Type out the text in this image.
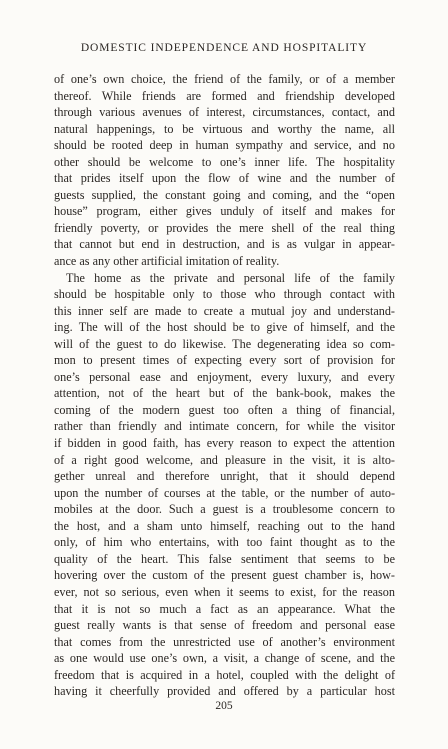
DOMESTIC INDEPENDENCE AND HOSPITALITY
of one’s own choice, the friend of the family, or of a member
thereof. While friends are formed and friendship developed
through various avenues of interest, circumstances, contact, and
natural happenings, to be virtuous and worthy the name, all
should be rooted deep in human sympathy and service, and no
other should be welcome to one’s inner life. The hospitality
that prides itself upon the flow of wine and the number of
guests supplied, the constant going and coming, and the “open
house” program, either gives unduly of itself and makes for
friendly poverty, or provides the mere shell of the real thing
that cannot but end in destruction, and is as vulgar in appear-
ance as any other artificial imitation of reality.
The home as the private and personal life of the family
should be hospitable only to those who through contact with
this inner self are made to create a mutual joy and understand-
ing. The will of the host should be to give of himself, and the
will of the guest to do likewise. The degenerating idea so com-
mon to present times of expecting every sort of provision for
one’s personal ease and enjoyment, every luxury, and every
attention, not of the heart but of the bank-book, makes the
coming of the modern guest too often a thing of financial,
rather than friendly and intimate concern, for while the visitor
if bidden in good faith, has every reason to expect the attention
of a right good welcome, and pleasure in the visit, it is alto-
gether unreal and therefore unright, that it should depend
upon the number of courses at the table, or the number of auto-
mobiles at the door. Such a guest is a troublesome concern to
the host, and a sham unto himself, reaching out to the hand
only, of him who entertains, with too faint thought as to the
quality of the heart. This false sentiment that seems to be
hovering over the custom of the present guest chamber is, how-
ever, not so serious, even when it seems to exist, for the reason
that it is not so much a fact as an appearance. What the
guest really wants is that sense of freedom and personal ease
that comes from the unrestricted use of another’s environment
as one would use one’s own, a visit, a change of scene, and the
freedom that is acquired in a hotel, coupled with the delight of
having it cheerfully provided and offered by a particular host
205
